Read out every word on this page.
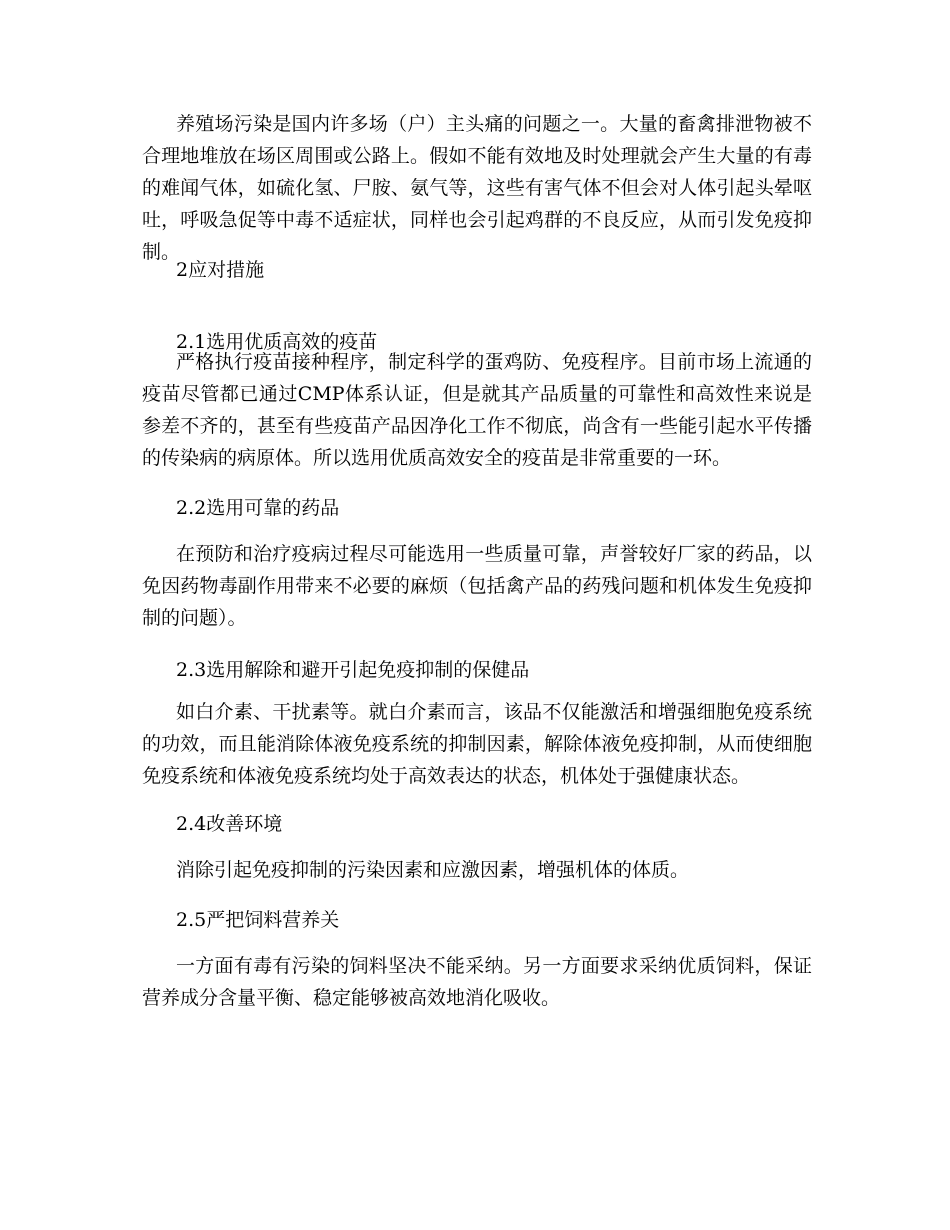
养殖场污染是国内许多场（户）主头痛的问题之一。大量的畜禽排泄物被不合理地堆放在场区周围或公路上。假如不能有效地及时处理就会产生大量的有毒的难闻气体，如硫化氢、尸胺、氨气等，这些有害气体不但会对人体引起头晕呕吐，呼吸急促等中毒不适症状，同样也会引起鸡群的不良反应，从而引发免疫抑制。

2应对措施

2.1选用优质高效的疫苗

严格执行疫苗接种程序，制定科学的蛋鸡防、免疫程序。目前市场上流通的疫苗尽管都已通过CMP体系认证，但是就其产品质量的可靠性和高效性来说是参差不齐的，甚至有些疫苗产品因净化工作不彻底，尚含有一些能引起水平传播的传染病的病原体。所以选用优质高效安全的疫苗是非常重要的一环。

2.2选用可靠的药品

在预防和治疗疫病过程尽可能选用一些质量可靠，声誉较好厂家的药品，以免因药物毒副作用带来不必要的麻烦（包括禽产品的药残问题和机体发生免疫抑制的问题）。

2.3选用解除和避开引起免疫抑制的保健品

如白介素、干扰素等。就白介素而言，该品不仅能激活和增强细胞免疫系统的功效，而且能消除体液免疫系统的抑制因素，解除体液免疫抑制，从而使细胞免疫系统和体液免疫系统均处于高效表达的状态，机体处于强健康状态。

2.4改善环境

消除引起免疫抑制的污染因素和应激因素，增强机体的体质。

2.5严把饲料营养关

一方面有毒有污染的饲料坚决不能采纳。另一方面要求采纳优质饲料，保证营养成分含量平衡、稳定能够被高效地消化吸收。
